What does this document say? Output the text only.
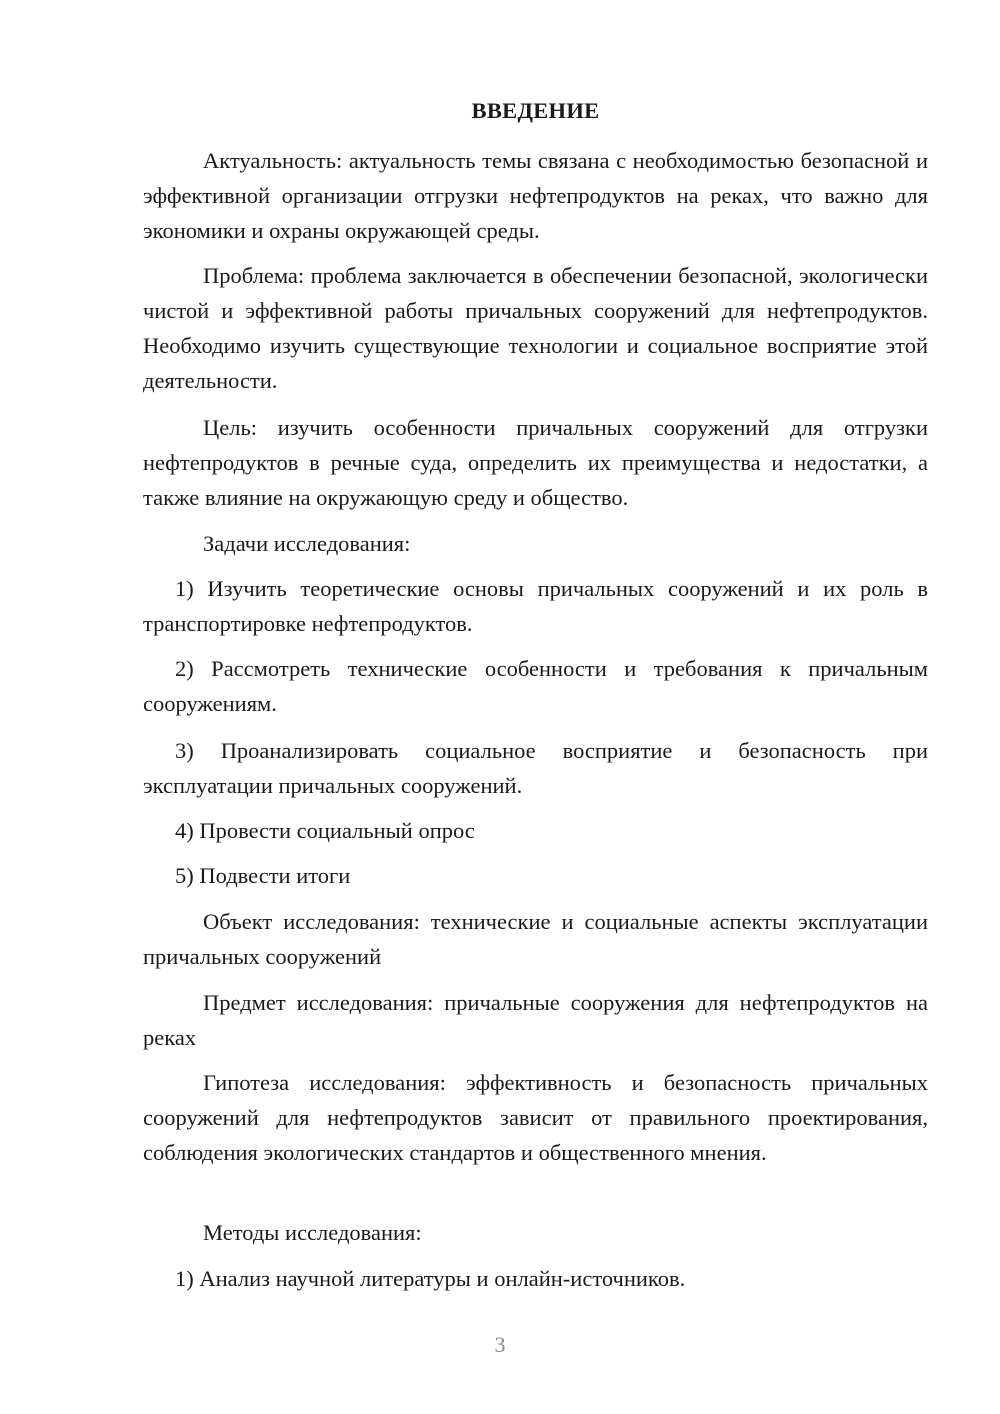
ВВЕДЕНИЕ

Актуальность: актуальность темы связана с необходимостью безопасной и эффективной организации отгрузки нефтепродуктов на реках, что важно для экономики и охраны окружающей среды.

Проблема: проблема заключается в обеспечении безопасной, экологически чистой и эффективной работы причальных сооружений для нефтепродуктов. Необходимо изучить существующие технологии и социальное восприятие этой деятельности.

Цель: изучить особенности причальных сооружений для отгрузки нефтепродуктов в речные суда, определить их преимущества и недостатки, а также влияние на окружающую среду и общество.

Задачи исследования:

1) Изучить теоретические основы причальных сооружений и их роль в транспортировке нефтепродуктов.

2) Рассмотреть технические особенности и требования к причальным сооружениям.

3) Проанализировать социальное восприятие и безопасность при эксплуатации причальных сооружений.

4) Провести социальный опрос

5) Подвести итоги

Объект исследования: технические и социальные аспекты эксплуатации причальных сооружений

Предмет исследования: причальные сооружения для нефтепродуктов на реках

Гипотеза исследования: эффективность и безопасность причальных сооружений для нефтепродуктов зависит от правильного проектирования, соблюдения экологических стандартов и общественного мнения.

Методы исследования:

1) Анализ научной литературы и онлайн-источников.

3
